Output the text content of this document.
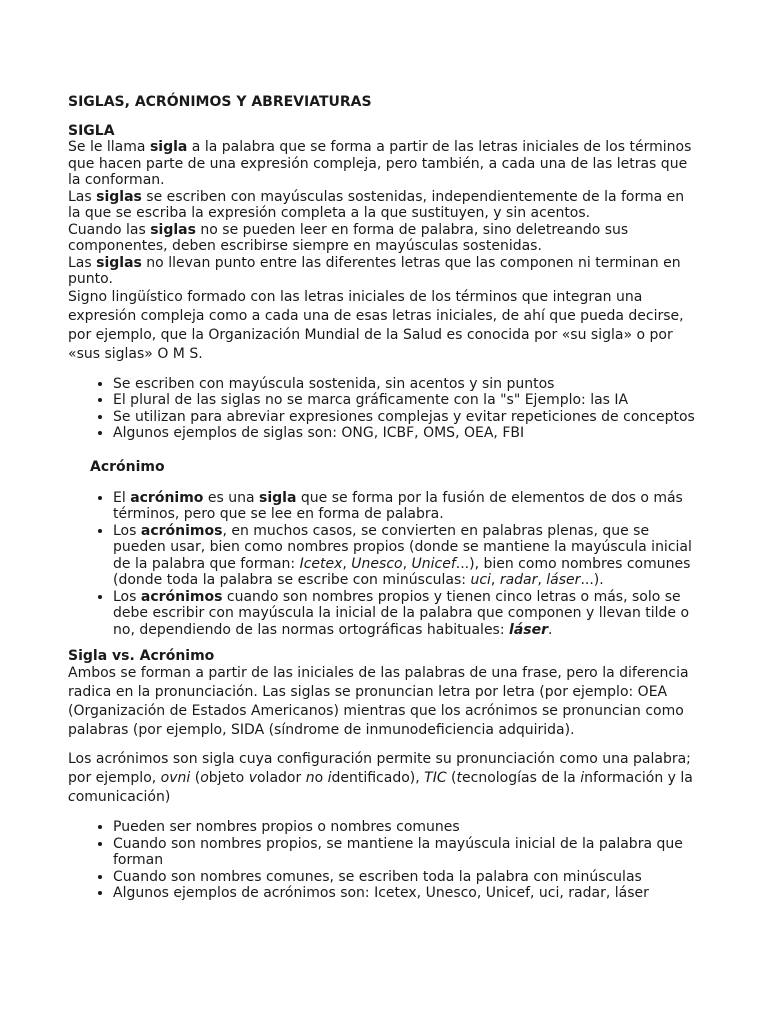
SIGLAS, ACRÓNIMOS Y ABREVIATURAS
SIGLA

Se le llama sigla a la palabra que se forma a partir de las letras iniciales de los términos que hacen parte de una expresión compleja, pero también, a cada una de las letras que la conforman.

Las siglas se escriben con mayúsculas sostenidas, independientemente de la forma en la que se escriba la expresión completa a la que sustituyen, y sin acentos.

Cuando las siglas no se pueden leer en forma de palabra, sino deletreando sus componentes, deben escribirse siempre en mayúsculas sostenidas.

Las siglas no llevan punto entre las diferentes letras que las componen ni terminan en punto.

Signo lingüístico formado con las letras iniciales de los términos que integran una expresión compleja como a cada una de esas letras iniciales, de ahí que pueda decirse, por ejemplo, que la Organización Mundial de la Salud es conocida por «su sigla» o por «sus siglas» O M S.

• Se escriben con mayúscula sostenida, sin acentos y sin puntos
• El plural de las siglas no se marca gráficamente con la "s" Ejemplo: las IA
• Se utilizan para abreviar expresiones complejas y evitar repeticiones de conceptos
• Algunos ejemplos de siglas son: ONG, ICBF, OMS, OEA, FBI
Acrónimo
• El acrónimo es una sigla que se forma por la fusión de elementos de dos o más términos, pero que se lee en forma de palabra.
• Los acrónimos, en muchos casos, se convierten en palabras plenas, que se pueden usar, bien como nombres propios (donde se mantiene la mayúscula inicial de la palabra que forman: Icetex, Unesco, Unicef...), bien como nombres comunes (donde toda la palabra se escribe con minúsculas: uci, radar, láser...).
• Los acrónimos cuando son nombres propios y tienen cinco letras o más, solo se debe escribir con mayúscula la inicial de la palabra que componen y llevan tilde o no, dependiendo de las normas ortográficas habituales: láser.
Sigla vs. Acrónimo

Ambos se forman a partir de las iniciales de las palabras de una frase, pero la diferencia radica en la pronunciación. Las siglas se pronuncian letra por letra (por ejemplo: OEA (Organización de Estados Americanos) mientras que los acrónimos se pronuncian como palabras (por ejemplo, SIDA (síndrome de inmunodeficiencia adquirida).

Los acrónimos son sigla cuya configuración permite su pronunciación como una palabra; por ejemplo, ovni (objeto volador no identificado), TIC (tecnologías de la información y la comunicación)

• Pueden ser nombres propios o nombres comunes
• Cuando son nombres propios, se mantiene la mayúscula inicial de la palabra que forman
• Cuando son nombres comunes, se escriben toda la palabra con minúsculas
• Algunos ejemplos de acrónimos son: Icetex, Unesco, Unicef, uci, radar, láser
